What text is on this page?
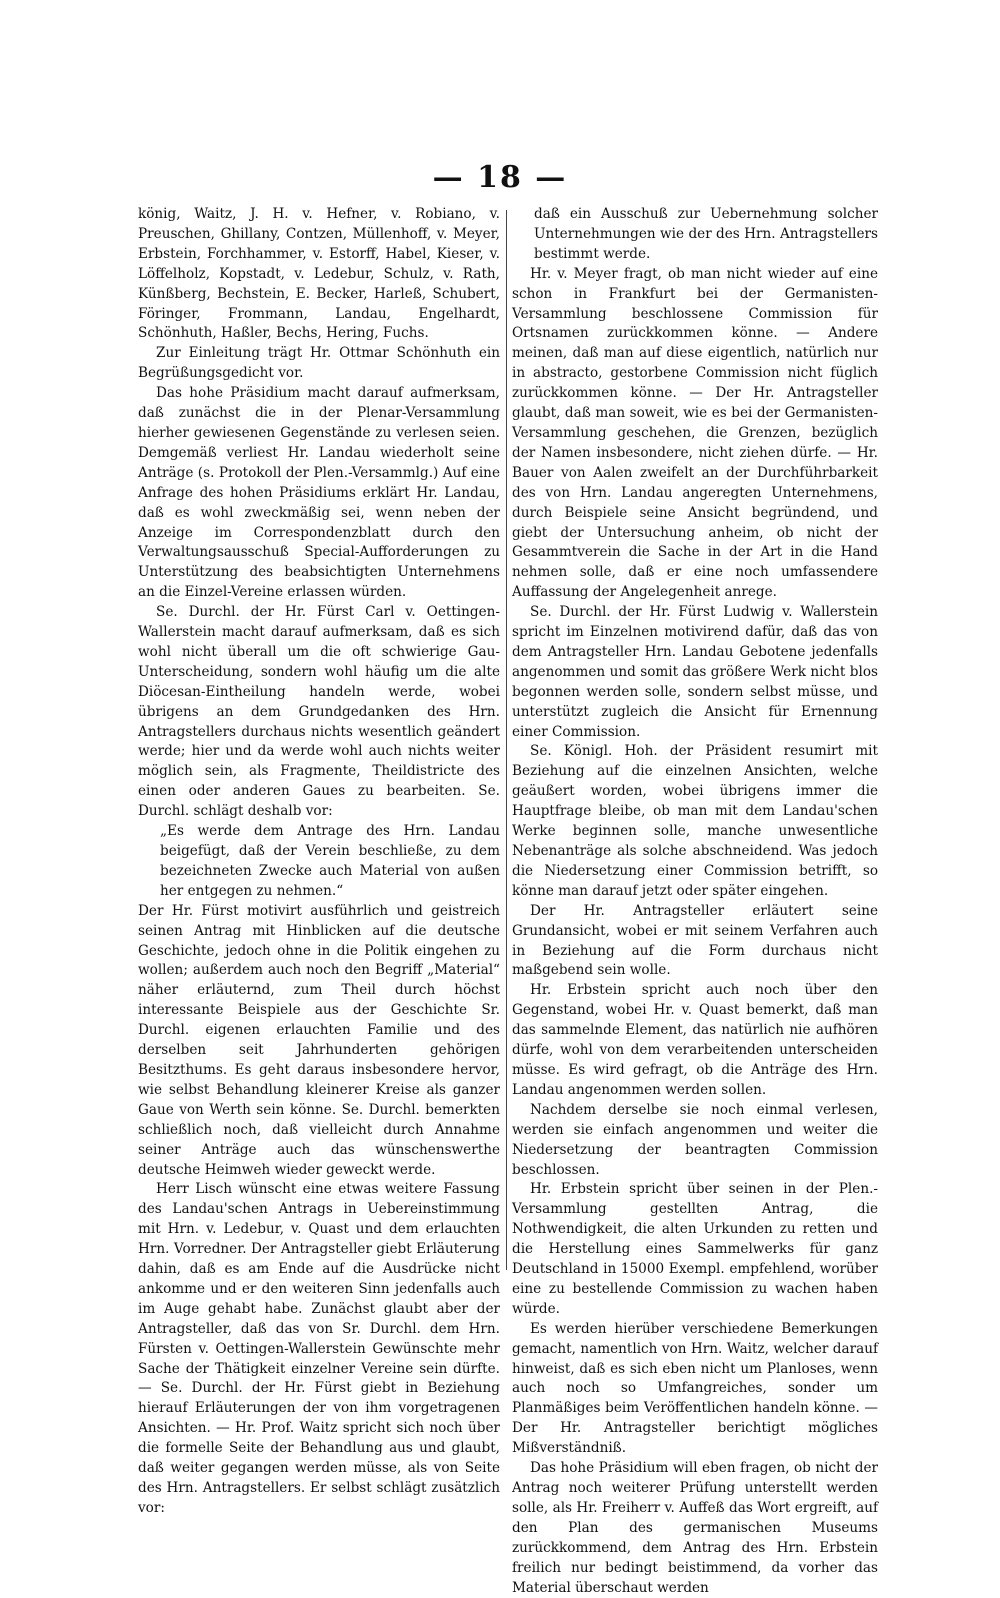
— 18 —

könig, Waitz, J. H. v. Hefner, v. Robiano, v. Preuschen, Ghillany, Contzen, Müllenhoff, v. Meyer, Erbstein, Forchhammer, v. Estorff, Habel, Kieser, v. Löffelholz, Kopstadt, v. Ledebur, Schulz, v. Rath, Künßberg, Bechstein, E. Becker, Harleß, Schubert, Föringer, Frommann, Landau, Engelhardt, Schönhuth, Haßler, Bechs, Hering, Fuchs.

Zur Einleitung trägt Hr. Ottmar Schönhuth ein Begrüßungsgedicht vor.

Das hohe Präsidium macht darauf aufmerksam, daß zunächst die in der Plenar-Versammlung hierher gewiesenen Gegenstände zu verlesen seien. Demgemäß verliest Hr. Landau wiederholt seine Anträge (s. Protokoll der Plen.-Versammlg.) Auf eine Anfrage des hohen Präsidiums erklärt Hr. Landau, daß es wohl zweckmäßig sei, wenn neben der Anzeige im Correspondenzblatt durch den Verwaltungsausschuß Special-Aufforderungen zu Unterstützung des beabsichtigten Unternehmens an die Einzel-Vereine erlassen würden.

Se. Durchl. der Hr. Fürst Carl v. Oettingen-Wallerstein macht darauf aufmerksam, daß es sich wohl nicht überall um die oft schwierige Gau-Unterscheidung, sondern wohl häufig um die alte Diöcesan-Eintheilung handeln werde, wobei übrigens an dem Grundgedanken des Hrn. Antragstellers durchaus nichts wesentlich geändert werde; hier und da werde wohl auch nichts weiter möglich sein, als Fragmente, Theildistricte des einen oder anderen Gaues zu bearbeiten. Se. Durchl. schlägt deshalb vor:

„Es werde dem Antrage des Hrn. Landau beigefügt, daß der Verein beschließe, zu dem bezeichneten Zwecke auch Material von außen her entgegen zu nehmen.“

Der Hr. Fürst motivirt ausführlich und geistreich seinen Antrag mit Hinblicken auf die deutsche Geschichte, jedoch ohne in die Politik eingehen zu wollen; außerdem auch noch den Begriff „Material“ näher erläuternd, zum Theil durch höchst interessante Beispiele aus der Geschichte Sr. Durchl. eigenen erlauchten Familie und des derselben seit Jahrhunderten gehörigen Besitzthums. Es geht daraus insbesondere hervor, wie selbst Behandlung kleinerer Kreise als ganzer Gaue von Werth sein könne. Se. Durchl. bemerkten schließlich noch, daß vielleicht durch Annahme seiner Anträge auch das wünschenswerthe deutsche Heimweh wieder geweckt werde.

Herr Lisch wünscht eine etwas weitere Fassung des Landau'schen Antrags in Uebereinstimmung mit Hrn. v. Ledebur, v. Quast und dem erlauchten Hrn. Vorredner. Der Antragsteller giebt Erläuterung dahin, daß es am Ende auf die Ausdrücke nicht ankomme und er den weiteren Sinn jedenfalls auch im Auge gehabt habe. Zunächst glaubt aber der Antragsteller, daß das von Sr. Durchl. dem Hrn. Fürsten v. Oettingen-Wallerstein Gewünschte mehr Sache der Thätigkeit einzelner Vereine sein dürfte. — Se. Durchl. der Hr. Fürst giebt in Beziehung hierauf Erläuterungen der von ihm vorgetragenen Ansichten. — Hr. Prof. Waitz spricht sich noch über die formelle Seite der Behandlung aus und glaubt, daß weiter gegangen werden müsse, als von Seite des Hrn. Antragstellers. Er selbst schlägt zusätzlich vor:

daß ein Ausschuß zur Uebernehmung solcher Unternehmungen wie der des Hrn. Antragstellers bestimmt werde.

Hr. v. Meyer fragt, ob man nicht wieder auf eine schon in Frankfurt bei der Germanisten-Versammlung beschlossene Commission für Ortsnamen zurückkommen könne. — Andere meinen, daß man auf diese eigentlich, natürlich nur in abstracto, gestorbene Commission nicht füglich zurückkommen könne. — Der Hr. Antragsteller glaubt, daß man soweit, wie es bei der Germanisten-Versammlung geschehen, die Grenzen, bezüglich der Namen insbesondere, nicht ziehen dürfe. — Hr. Bauer von Aalen zweifelt an der Durchführbarkeit des von Hrn. Landau angeregten Unternehmens, durch Beispiele seine Ansicht begründend, und giebt der Untersuchung anheim, ob nicht der Gesammtverein die Sache in der Art in die Hand nehmen solle, daß er eine noch umfassendere Auffassung der Angelegenheit anrege.

Se. Durchl. der Hr. Fürst Ludwig v. Wallerstein spricht im Einzelnen motivirend dafür, daß das von dem Antragsteller Hrn. Landau Gebotene jedenfalls angenommen und somit das größere Werk nicht blos begonnen werden solle, sondern selbst müsse, und unterstützt zugleich die Ansicht für Ernennung einer Commission.

Se. Königl. Hoh. der Präsident resumirt mit Beziehung auf die einzelnen Ansichten, welche geäußert worden, wobei übrigens immer die Hauptfrage bleibe, ob man mit dem Landau'schen Werke beginnen solle, manche unwesentliche Nebenanträge als solche abschneidend. Was jedoch die Niedersetzung einer Commission betrifft, so könne man darauf jetzt oder später eingehen.

Der Hr. Antragsteller erläutert seine Grundansicht, wobei er mit seinem Verfahren auch in Beziehung auf die Form durchaus nicht maßgebend sein wolle.

Hr. Erbstein spricht auch noch über den Gegenstand, wobei Hr. v. Quast bemerkt, daß man das sammelnde Element, das natürlich nie aufhören dürfe, wohl von dem verarbeitenden unterscheiden müsse. Es wird gefragt, ob die Anträge des Hrn. Landau angenommen werden sollen.

Nachdem derselbe sie noch einmal verlesen, werden sie einfach angenommen und weiter die Niedersetzung der beantragten Commission beschlossen.

Hr. Erbstein spricht über seinen in der Plen.-Versammlung gestellten Antrag, die Nothwendigkeit, die alten Urkunden zu retten und die Herstellung eines Sammelwerks für ganz Deutschland in 15000 Exempl. empfehlend, worüber eine zu bestellende Commission zu wachen haben würde.

Es werden hierüber verschiedene Bemerkungen gemacht, namentlich von Hrn. Waitz, welcher darauf hinweist, daß es sich eben nicht um Planloses, wenn auch noch so Umfangreiches, sonder um Planmäßiges beim Veröffentlichen handeln könne. — Der Hr. Antragsteller berichtigt mögliches Mißverständniß.

Das hohe Präsidium will eben fragen, ob nicht der Antrag noch weiterer Prüfung unterstellt werden solle, als Hr. Freiherr v. Auffeß das Wort ergreift, auf den Plan des germanischen Museums zurückkommend, dem Antrag des Hrn. Erbstein freilich nur bedingt beistimmend, da vorher das Material überschaut werden
